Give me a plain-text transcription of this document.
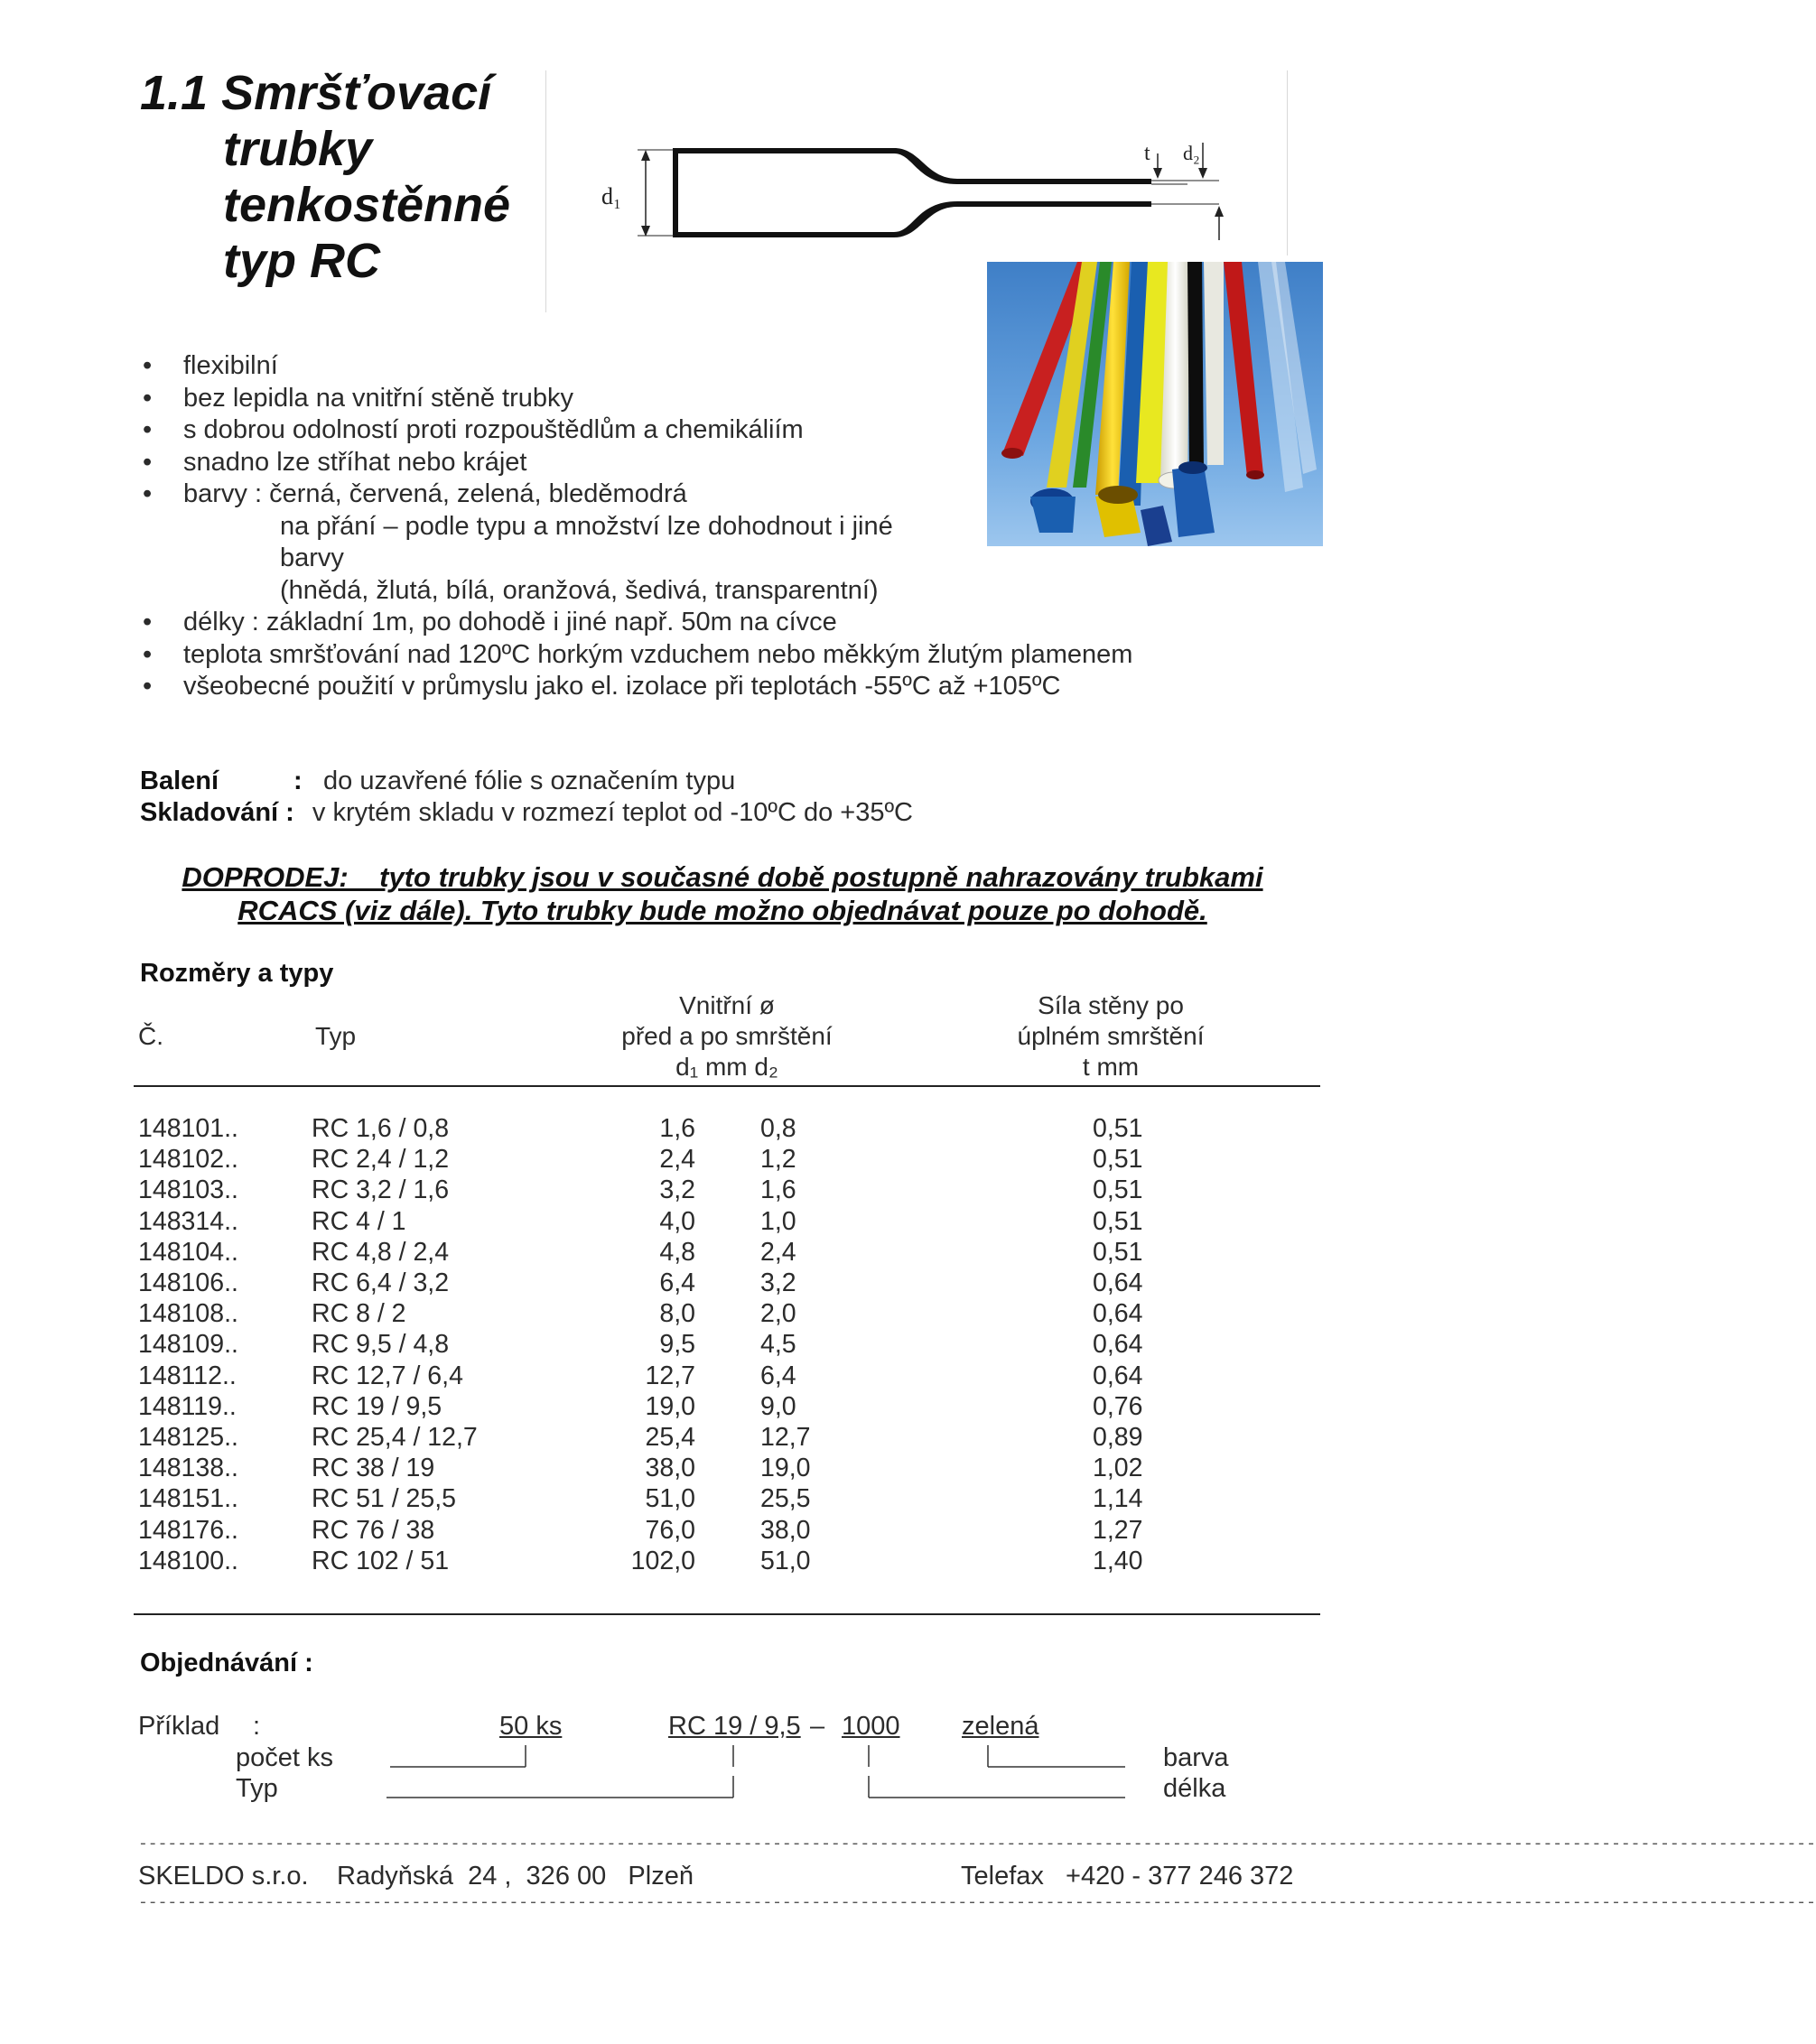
1.1 Smršťovací
trubky
tenkostěnné
typ RC
d₁
t d₂
• flexibilní
• bez lepidla na vnitřní stěně trubky
• s dobrou odolností proti rozpouštědlům a chemikáliím
• snadno lze stříhat nebo krájet
• barvy : černá, červená, zelená, bleděmodrá
na přání – podle typu a množství lze dohodnout i jiné
barvy
(hnědá, žlutá, bílá, oranžová, šedivá, transparentní)
• délky : základní 1m, po dohodě i jiné např. 50m na cívce
• teplota smršťování nad 120ºC horkým vzduchem nebo měkkým žlutým plamenem
• všeobecné použití v průmyslu jako el. izolace při teplotách -55ºC až +105ºC
Balení	: do uzavřené fólie s označením typu
Skladování : v krytém skladu v rozmezí teplot od -10ºC do +35ºC
DOPRODEJ:    tyto trubky jsou v současné době postupně nahrazovány trubkami
RCACS (viz dále). Tyto trubky bude možno objednávat pouze po dohodě.
Rozměry a typy
Č.	Typ
Vnitřní ø
před a po smrštění
d₁ mm d₂
Síla stěny po
úplném smrštění
t mm
148101..	RC 1,6 / 0,8	1,6	0,8	0,51
148102..	RC 2,4 / 1,2	2,4	1,2	0,51
148103..	RC 3,2 / 1,6	3,2	1,6	0,51
148314..	RC 4 / 1	4,0	1,0	0,51
148104..	RC 4,8 / 2,4	4,8	2,4	0,51
148106..	RC 6,4 / 3,2	6,4	3,2	0,64
148108..	RC 8 / 2	8,0	2,0	0,64
148109..	RC 9,5 / 4,8	9,5	4,5	0,64
148112..	RC 12,7 / 6,4	12,7	6,4	0,64
148119..	RC 19 / 9,5	19,0	9,0	0,76
148125..	RC 25,4 / 12,7	25,4	12,7	0,89
148138..	RC 38 / 19	38,0	19,0	1,02
148151..	RC 51 / 25,5	51,0	25,5	1,14
148176..	RC 76 / 38	76,0	38,0	1,27
148100..	RC 102 / 51	102,0	51,0	1,40
Objednávání :
Příklad :	50 ks	RC 19 / 9,5 – 1000 zelená
počet ks
Typ
barva
délka
----------------------------------------------------------------------------------------------------------------------------------------------------------------------------
SKELDO s.r.o. Radyňská  24 ,  326 00   Plzeň	Telefax   +420 - 377 246 372
----------------------------------------------------------------------------------------------------------------------------------------------------------------------------
